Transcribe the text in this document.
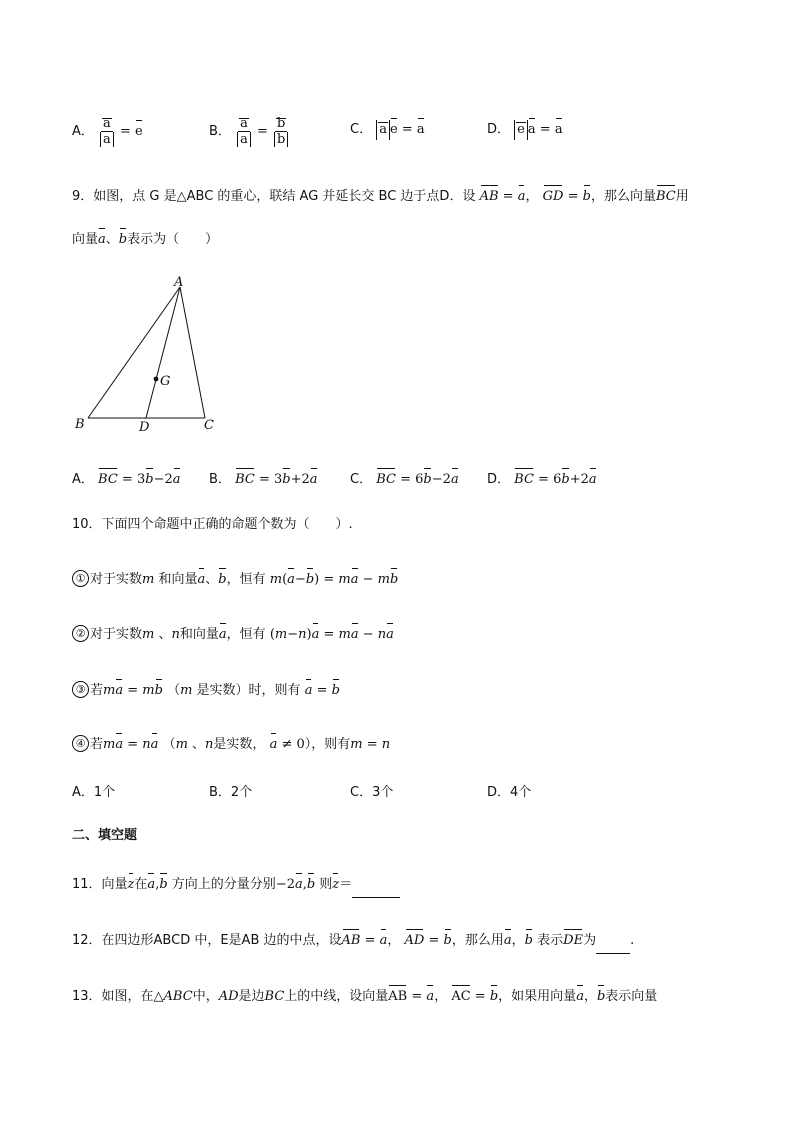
A． $\frac{a}{a} = e$	B． $\frac{a}{a} = \frac{b}{b}$	C． a e = a	D． e a = a
9．如图，点 G 是△ABC 的重心，联结 AG 并延长交 BC 边于点D．设 AB = a， GD = b，那么向量BC用
向量a、b表示为（　　）
A
B	C
D
G
A． BC = 3b−2a B． BC = 3b+2a C． BC = 6b−2a D． BC = 6b+2a
10．下面四个命题中正确的命题个数为（　　）.
① 对于实数m 和向量a、b，恒有 m(a−b) = ma − mb
② 对于实数m 、n和向量a，恒有 (m−n)a = ma − na
③ 若ma = mb （m 是实数）时，则有 a = b
④ 若ma = na （m 、n是实数， a ≠ 0），则有m = n
A．1个	B．2个	C．3个	D．4个
二、填空题
11．向量z在a,b 方向上的分量分别−2a,b 则z＝
12．在四边形ABCD 中，E是AB 边的中点，设AB = a， AD = b，那么用a，b 表示DE为	.
13．如图，在△ABC中，AD是边BC上的中线，设向量AB = a， AC = b，如果用向量a，b表示向量
